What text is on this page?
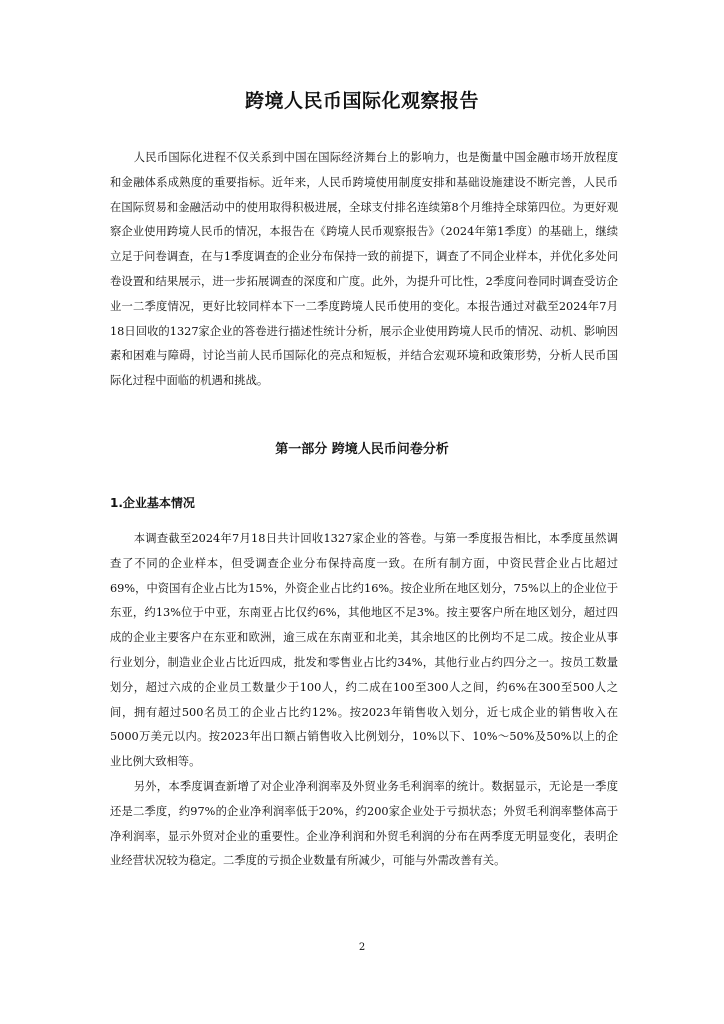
跨境人民币国际化观察报告

人民币国际化进程不仅关系到中国在国际经济舞台上的影响力，也是衡量中国金融市场开放程度和金融体系成熟度的重要指标。近年来，人民币跨境使用制度安排和基础设施建设不断完善，人民币在国际贸易和金融活动中的使用取得积极进展，全球支付排名连续第8个月维持全球第四位。为更好观察企业使用跨境人民币的情况，本报告在《跨境人民币观察报告》（2024年第1季度）的基础上，继续立足于问卷调查，在与1季度调查的企业分布保持一致的前提下，调查了不同企业样本，并优化多处问卷设置和结果展示，进一步拓展调查的深度和广度。此外，为提升可比性，2季度问卷同时调查受访企业一二季度情况，更好比较同样本下一二季度跨境人民币使用的变化。本报告通过对截至2024年7月18日回收的1327家企业的答卷进行描述性统计分析，展示企业使用跨境人民币的情况、动机、影响因素和困难与障碍，讨论当前人民币国际化的亮点和短板，并结合宏观环境和政策形势，分析人民币国际化过程中面临的机遇和挑战。

第一部分 跨境人民币问卷分析
1.企业基本情况

本调查截至2024年7月18日共计回收1327家企业的答卷。与第一季度报告相比，本季度虽然调查了不同的企业样本，但受调查企业分布保持高度一致。在所有制方面，中资民营企业占比超过69%，中资国有企业占比为15%，外资企业占比约16%。按企业所在地区划分，75%以上的企业位于东亚，约13%位于中亚，东南亚占比仅约6%，其他地区不足3%。按主要客户所在地区划分，超过四成的企业主要客户在东亚和欧洲，逾三成在东南亚和北美，其余地区的比例均不足二成。按企业从事行业划分，制造业企业占比近四成，批发和零售业占比约34%，其他行业占约四分之一。按员工数量划分，超过六成的企业员工数量少于100人，约二成在100至300人之间，约6%在300至500人之间，拥有超过500名员工的企业占比约12%。按2023年销售收入划分，近七成企业的销售收入在5000万美元以内。按2023年出口额占销售收入比例划分，10%以下、10%～50%及50%以上的企业比例大致相等。

另外，本季度调查新增了对企业净利润率及外贸业务毛利润率的统计。数据显示，无论是一季度还是二季度，约97%的企业净利润率低于20%，约200家企业处于亏损状态；外贸毛利润率整体高于净利润率，显示外贸对企业的重要性。企业净利润和外贸毛利润的分布在两季度无明显变化，表明企业经营状况较为稳定。二季度的亏损企业数量有所减少，可能与外需改善有关。

2
